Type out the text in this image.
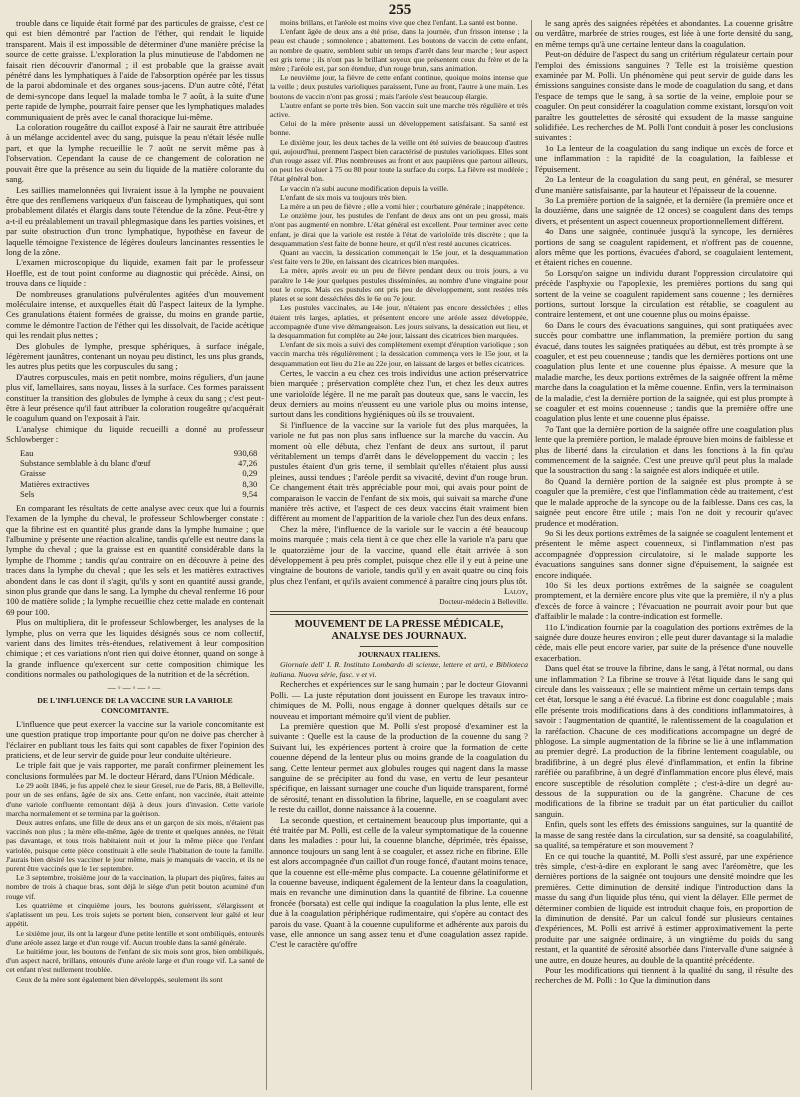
255

trouble dans ce liquide était formé par des particules de graisse, c'est ce qui est bien démontré par l'action de l'éther, qui rendait le liquide transparent. Mais il est impossible de déterminer d'une manière précise la source de cette graisse. L'exploration la plus minutieuse de l'abdomen ne faisait rien découvrir d'anormal ; il est probable que la graisse avait pénétré dans les lymphatiques à l'aide de l'absorption opérée par les tissus de la paroi abdominale et des organes sous-jacens. D'un autre côté, l'état de demi-syncope dans lequel la malade tomba le 7 août, à la suite d'une perte rapide de lymphe, pourrait faire penser que les lymphatiques malades communiquaient de près avec le canal thoracique lui-même.

La coloration rougeâtre du caillot exposé à l'air ne saurait être attribuée à un mélange accidentel avec du sang, puisque la peau n'était lésée nulle part, et que la lymphe recueillie le 7 août ne servit même pas à l'observation. Cependant la cause de ce changement de coloration ne pouvait être que la présence au sein du liquide de la matière colorante du sang.

Les saillies mamelonnées qui livraient issue à la lymphe ne pouvaient être que des renflemens variqueux d'un faisceau de lymphatiques, qui sont probablement dilatés et élargis dans toute l'étendue de la zône. Peut-être y a-t-il eu préalablement un travail phlegmasique dans les parties voisines, et par suite obstruction d'un tronc lymphatique, hypothèse en faveur de laquelle témoigne l'existence de légères douleurs lancinantes ressenties le long de la zône.

L'examen microscopique du liquide, examen fait par le professeur Hoeffle, est de tout point conforme au diagnostic qui précède. Ainsi, on trouva dans ce liquide :

De nombreuses granulations pulvérulentes agitées d'un mouvement moléculaire intense, et auxquelles était dû l'aspect laiteux de la lymphe. Ces granulations étaient formées de graisse, du moins en grande partie, comme le démontre l'action de l'éther qui les dissolvait, de l'acide acétique qui les rendait plus nettes ;

Des globules de lymphe, presque sphériques, à surface inégale, légèrement jaunâtres, contenant un noyau peu distinct, les uns plus grands, les autres plus petits que les corpuscules du sang ;

D'autres corpuscules, mais en petit nombre, moins réguliers, d'un jaune plus vif, lamellaires, sans noyau, lisses à la surface. Ces formes paraissent constituer la transition des globules de lymphe à ceux du sang ; c'est peut-être à leur présence qu'il faut attribuer la coloration rougeâtre qu'acquérait le coagulum quand on l'exposait à l'air.

L'analyse chimique du liquide recueilli a donné au professeur Schlowberger :

Eau	930,68
Substance semblable à du blanc d'œuf	47,26
Graisse	0,29
Matières extractives	8,30
Sels	9,54

En comparant les résultats de cette analyse avec ceux que lui a fournis l'examen de la lymphe du cheval, le professeur Schlowberger constate : que la fibrine est en quantité plus grande dans la lymphe humaine ; que l'albumine y présente une réaction alcaline, tandis qu'elle est neutre dans la lymphe du cheval ; que la graisse est en quantité considérable dans la lymphe de l'homme ; tandis qu'au contraire on en découvre à peine des traces dans la lymphe du cheval ; que les sels et les matières extractives abondent dans le cas dont il s'agit, qu'ils y sont en quantité aussi grande, sinon plus grande que dans le sang. La lymphe du cheval renferme 16 pour 100 de matière solide ; la lymphe recueillie chez cette malade en contenait 69 pour 100.

Plus on multipliera, dit le professeur Schlowberger, les analyses de la lymphe, plus on verra que les liquides désignés sous ce nom collectif, varient dans des limites très-étendues, relativement à leur composition chimique ; et ces variations n'ont rien qui doive étonner, quand on songe à la grande influence qu'exercent sur cette composition chimique les conditions normales ou pathologiques de la nutrition et de la sécrétion.

—◦—◦—◦—

DE L'INFLUENCE DE LA VACCINE SUR LA VARIOLE CONCOMITANTE.

L'influence que peut exercer la vaccine sur la variole concomitante est une question pratique trop importante pour qu'on ne doive pas chercher à l'éclairer en publiant tous les faits qui sont capables de fixer l'opinion des praticiens, et de leur servir de guide pour leur conduite ultérieure.

Le triple fait que je vais rapporter, me paraît confirmer pleinement les conclusions formulées par M. le docteur Hérard, dans l'Union Médicale.

Le 29 août 1846, je fus appelé chez le sieur Gresel, rue de Paris, 88, à Belleville, pour un de ses enfans, âgée de six ans. Cette enfant, non vaccinée, était atteinte d'une variole confluente remontant déjà à deux jours d'invasion. Cette variole marcha normalement et se termina par la guérison.

Deux autres enfans, une fille de deux ans et un garçon de six mois, n'étaient pas vaccinés non plus ; la mère elle-même, âgée de trente et quelques années, ne l'était pas davantage, et tous trois habitaient nuit et jour la même pièce que l'enfant variolée, puisque cette pièce constituait à elle seule l'habitation de toute la famille. J'aurais bien désiré les vacciner le jour même, mais je manquais de vaccin, et ils ne purent être vaccinés que le 1er septembre.

Le 3 septembre, troisième jour de la vaccination, la plupart des piqûres, faites au nombre de trois à chaque bras, sont déjà le siège d'un petit bouton acuminé d'un rouge vif.

Les quatrième et cinquième jours, les boutons guérissent, s'élargissent et s'aplatissent un peu. Les trois sujets se portent bien, conservent leur gaîté et leur appétit.

Le sixième jour, ils ont la largeur d'une petite lentille et sont ombiliqués, entourés d'une aréole assez large et d'un rouge vif. Aucun trouble dans la santé générale.

Le huitième jour, les boutons de l'enfant de six mois sont gros, bien ombiliqués, d'un aspect nacré, brillans, entourés d'une aréole large et d'un rouge vif. La santé de cet enfant n'est nullement troublée.

Ceux de la mère sont également bien développés, seulement ils sont

moins brillans, et l'aréole est moins vive que chez l'enfant. La santé est bonne.

L'enfant âgée de deux ans a été prise, dans la journée, d'un frisson intense ; la peau est chaude ; somnolence ; abattement. Les boutons de vaccin de cette enfant, au nombre de quatre, semblent subir un temps d'arrêt dans leur marche ; leur aspect est gris terne ; ils n'ont pas le brillant soyeux que présentent ceux du frère et de la mère ; l'aréole est, par son étendue, d'un rouge brun, sans animation.

Le neuvième jour, la fièvre de cette enfant continue, quoique moins intense que la veille ; deux pustules varioliques paraissent, l'une au front, l'autre à une main. Les boutons de vaccin n'ont pas grossi ; mais l'aréole s'est beaucoup élargie.

L'autre enfant se porte très bien. Son vaccin suit une marche très régulière et très active.

Celui de la mère présente aussi un développement satisfaisant. Sa santé est bonne.

Le dixième jour, les deux taches de la veille ont été suivies de beaucoup d'autres qui, aujourd'hui, prennent l'aspect bien caractérisé de pustules varioliques. Elles sont d'un rouge assez vif. Plus nombreuses au front et aux paupières que partout ailleurs, on peut les évaluer à 75 ou 80 pour toute la surface du corps. La fièvre est modérée ; l'état général bon.

Le vaccin n'a subi aucune modification depuis la veille.

L'enfant de six mois va toujours très bien.

La mère a un peu de fièvre ; elle a vomi hier ; courbature générale ; inappétence.

Le onzième jour, les pustules de l'enfant de deux ans ont un peu grossi, mais n'ont pas augmenté en nombre. L'état général est excellent. Pour terminer avec cette enfant, je dirai que la variole est restée à l'état de varioloïde très discrète ; que la desquammation s'est faite de bonne heure, et qu'il n'est resté aucunes cicatrices.

Quant au vaccin, la dessication commençait le 15e jour, et la desquammation s'est faite vers le 20e, en laissant des cicatrices bien marquées.

La mère, après avoir eu un peu de fièvre pendant deux ou trois jours, a vu paraître le 14e jour quelques pustules disséminées, au nombre d'une vingtaine pour tout le corps. Mais ces pustules ont pris peu de développement, sont restées très plates et se sont desséchées dès le 6e ou 7e jour.

Les pustules vaccinales, au 14e jour, n'étaient pas encore desséchées ; elles étaient très larges, aplaties, et présentent encore une aréole assez développée, accompagnée d'une vive démangeaison. Les jours suivans, la dessication eut lieu, et la desquammation fut complète au 24e jour, laissant des cicatrices bien marquées.

L'enfant de six mois a suivi des complètement exempt d'éruption variolique ; son vaccin marcha très régulièrement ; la dessication commença vers le 15e jour, et la desquammation eut lieu du 21e au 22e jour, en laissant de larges et belles cicatrices.

Certes, le vaccin a eu chez ces trois individus une action préservatrice bien marquée ; préservation complète chez l'un, et chez les deux autres une varioloïde légère. Il ne me paraît pas douteux que, sans le vaccin, les deux derniers au moins n'eussent eu une variole plus ou moins intense, surtout dans les conditions hygiéniques où ils se trouvaient.

Si l'influence de la vaccine sur la variole fut des plus marquées, la variole ne fut pas non plus sans influence sur la marche du vaccin. Au moment où elle débuta, chez l'enfant de deux ans surtout, il parut véritablement un temps d'arrêt dans le développement du vaccin ; les pustules étaient d'un gris terne, il semblait qu'elles n'étaient plus aussi pleines, aussi tendues ; l'aréole perdit sa vivacité, devint d'un rouge brun. Ce changement était très appréciable pour moi, qui avais pour point de comparaison le vaccin de l'enfant de six mois, qui suivait sa marche d'une manière très active, et l'aspect de ces deux vaccins était vraiment bien différent au moment de l'apparition de la variole chez l'un des deux enfans.

Chez la mère, l'influence de la variole sur le vaccin a été beaucoup moins marquée ; mais cela tient à ce que chez elle la variole n'a paru que le quatorzième jour de la vaccine, quand elle était arrivée à son développement à peu près complet, puisque chez elle il y eut à peine une vingtaine de boutons de variole, tandis qu'il y en avait quatre ou cinq fois plus chez l'enfant, et qu'ils avaient commencé à paraître cinq jours plus tôt.

Laloy,

Docteur-médecin à Belleville.

MOUVEMENT DE LA PRESSE MÉDICALE, ANALYSE DES JOURNAUX.

JOURNAUX ITALIENS.

Giornale dell' I. R. Instituto Lombardo di scienze, lettere et arti, e Biblioteca italiana. Nuova série, fasc. v et vi.

Recherches et expériences sur le sang humain ; par le docteur Giovanni Polli. — La juste réputation dont jouissent en Europe les travaux intro-chimiques de M. Polli, nous engage à donner quelques détails sur ce nouveau et important mémoire qu'il vient de publier.

La première question que M. Polli s'est proposé d'examiner est la suivante : Quelle est la cause de la production de la couenne du sang ? Suivant lui, les expériences portent à croire que la formation de cette couenne dépend de la lenteur plus ou moins grande de la coagulation du sang. Cette lenteur permet aux globules rouges qui nagent dans la masse sanguine de se précipiter au fond du vase, en vertu de leur pesanteur spécifique, en laissant surnager une couche d'un liquide transparent, formé de sérosité, tenant en dissolution la fibrine, laquelle, en se coagulant avec le reste du caillot, donne naissance à la couenne.

La seconde question, et certainement beaucoup plus importante, qui a été traitée par M. Polli, est celle de la valeur symptomatique de la couenne dans les maladies : pour lui, la couenne blanche, déprimée, très épaisse, annonce toujours un sang lent à se coaguler, et assez riche en fibrine. Elle est alors accompagnée d'un caillot d'un rouge foncé, d'autant moins tenace, que la couenne est elle-même plus compacte. La couenne gélatiniforme et la couenne baveuse, indiquent également de la lenteur dans la coagulation, mais en revanche une diminution dans la quantité de fibrine. La couenne froncée (borsata) est celle qui indique la coagulation la plus lente, elle est due à la coagulation périphérique rudimentaire, qui s'opère au contact des parois du vase. Quant à la couenne cupuliforme et adhérente aux parois du vase, elle annonce un sang assez tenu et d'une coagulation assez rapide. C'est le caractère qu'offre

le sang après des saignées répétées et abondantes. La couenne grisâtre ou verdâtre, marbrée de stries rouges, est liée à une forte densité du sang, en même temps qu'à une certaine lenteur dans la coagulation.

Peut-on déduire de l'aspect du sang un critérium régulateur certain pour l'emploi des émissions sanguines ? Telle est la troisième question examinée par M. Polli. Un phénomène qui peut servir de guide dans les émissions sanguines consiste dans le mode de coagulation du sang, et dans l'espace de temps que le sang, à sa sortie de la veine, emploie pour se coaguler. On peut considérer la coagulation comme existant, lorsqu'on voit paraître les gouttelettes de sérosité qui exsudent de la masse sanguine solidifiée. Les recherches de M. Polli l'ont conduit à poser les conclusions suivantes :

1o La lenteur de la coagulation du sang indique un excès de force et une inflammation : la rapidité de la coagulation, la faiblesse et l'épuisement.

2o La lenteur de la coagulation du sang peut, en général, se mesurer d'une manière satisfaisante, par la hauteur et l'épaisseur de la couenne.

3o La première portion de la saignée, et la dernière (la première once et la douzième, dans une saignée de 12 onces) se coagulent dans des temps divers, et présentent un aspect couenneux proportionnellement différent.

4o Dans une saignée, continuée jusqu'à la syncope, les dernières portions de sang se coagulent rapidement, et n'offrent pas de couenne, alors même que les portions, évacuées d'abord, se coagulaient lentement, et étaient riches en couenne.

5o Lorsqu'on saigne un individu durant l'oppression circulatoire qui précède l'asphyxie ou l'apoplexie, les premières portions du sang qui sortent de la veine se coagulent rapidement sans couenne ; les dernières portions, surtout lorsque la circulation est rétablie, se coagulent au contraire lentement, et ont une couenne plus ou moins épaisse.

6o Dans le cours des évacuations sanguines, qui sont pratiquées avec succès pour combattre une inflammation, la première portion du sang évacué, dans toutes les saignées pratiquées au début, est très prompte à se coaguler, et est peu couenneuse ; tandis que les dernières portions ont une coagulation plus lente et une couenne plus épaisse. A mesure que la maladie marche, les deux portions extrêmes de la saignée offrent la même marche dans la coagulation et la même couenne. Enfin, vers la terminaison de la maladie, c'est la dernière portion de la saignée, qui est plus prompte à se coaguler et est moins couenneuse ; tandis que la première offre une coagulation plus lente et une couenne plus épaisse.

7o Tant que la dernière portion de la saignée offre une coagulation plus lente que la première portion, le malade éprouve bien moins de faiblesse et plus de liberté dans la circulation et dans les fonctions à la fin qu'au commencement de la saignée. C'est une preuve qu'il peut plus la malade que la soustraction du sang : la saignée est alors indiquée et utile.

8o Quand la dernière portion de la saignée est plus prompte à se coaguler que la première, c'est que l'inflammation cède au traitement, c'est que le malade approche de la syncope ou de la faiblesse. Dans ces cas, la saignée peut encore être utile ; mais l'on ne doit y recourir qu'avec prudence et modération.

9o Si les deux portions extrêmes de la saignée se coagulent lentement et présentent le même aspect couenneux, si l'inflammation n'est pas accompagnée d'oppression circulatoire, si le malade supporte les évacuations sanguines sans donner signe d'épuisement, la saignée est encore indiquée.

10o Si les deux portions extrêmes de la saignée se coagulent promptement, et la dernière encore plus vite que la première, il n'y a plus d'excès de force à vaincre ; l'évacuation ne pourrait avoir pour but que d'affaiblir le malade : la contre-indication est formelle.

11o L'indication fournie par la coagulation des portions extrêmes de la saignée dure douze heures environ ; elle peut durer davantage si la maladie cède, mais elle peut encore varier, par suite de la présence d'une nouvelle exacerbation.

Dans quel état se trouve la fibrine, dans le sang, à l'état normal, ou dans une inflammation ? La fibrine se trouve à l'état liquide dans le sang qui circule dans les vaisseaux ; elle se maintient même un certain temps dans cet état, lorsque le sang a été évacué. La fibrine est donc coagulable ; mais elle présente trois modifications dans à des conditions inflammatoires, à savoir : l'augmentation de quantité, le ralentissement de la coagulation et la raréfaction. Chacune de ces modifications accompagne un degré de phlogose. La simple augmentation de la fibrine se lie à une inflammation au premier degré. La production de la fibrine lentement coagulable, ou bradifibrine, à un degré plus élevé d'inflammation, et enfin la fibrine raréfiée ou parafibrine, à un degré d'inflammation encore plus élevé, mais encore susceptible de résolution complète ; c'est-à-dire un degré au-dessous de la suppuration ou de la gangrène. Chacune de ces modifications de la fibrine se traduit par un état particulier du caillot sanguin.

Enfin, quels sont les effets des émissions sanguines, sur la quantité de la masse de sang restée dans la circulation, sur sa densité, sa coagulabilité, sa qualité, sa température et son mouvement ?

En ce qui touche la quantité, M. Polli s'est assuré, par une expérience très simple, c'est-à-dire en explorant le sang avec l'aréomètre, que les dernières portions de la saignée ont toujours une densité moindre que les premières. Cette diminution de densité indique l'introduction dans la masse du sang d'un liquide plus ténu, qui vient la délayer. Elle permet de déterminer combien de liquide est introduit chaque fois, en proportion de la diminution de densité. Par un calcul fondé sur plusieurs centaines d'expériences, M. Polli est arrivé à estimer approximativement la perte produite par une saignée ordinaire, à un vingtième du poids du sang restant, et la quantité de sérosité absorbée dans l'intervalle d'une saignée à une autre, en douze heures, au double de la quantité précédente.

Pour les modifications qui tiennent à la qualité du sang, il résulte des recherches de M. Polli : 1o Que la diminution dans
